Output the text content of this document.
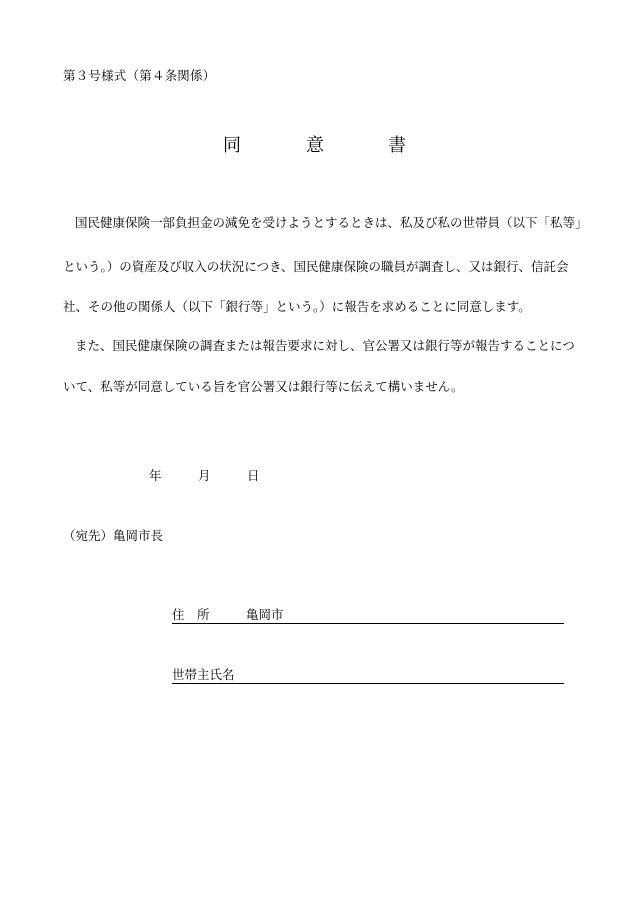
第３号様式（第４条関係）
同	意	書
国民健康保険一部負担金の減免を受けようとするときは、私及び私の世帯員（以下「私等」
という。）の資産及び収入の状況につき、国民健康保険の職員が調査し、又は銀行、信託会
社、その他の関係人（以下「銀行等」という。）に報告を求めることに同意します。
また、国民健康保険の調査または報告要求に対し、官公署又は銀行等が報告することにつ
いて、私等が同意している旨を官公署又は銀行等に伝えて構いません。
年	月	日
（宛先）亀岡市長
住　所	亀岡市
世帯主氏名
